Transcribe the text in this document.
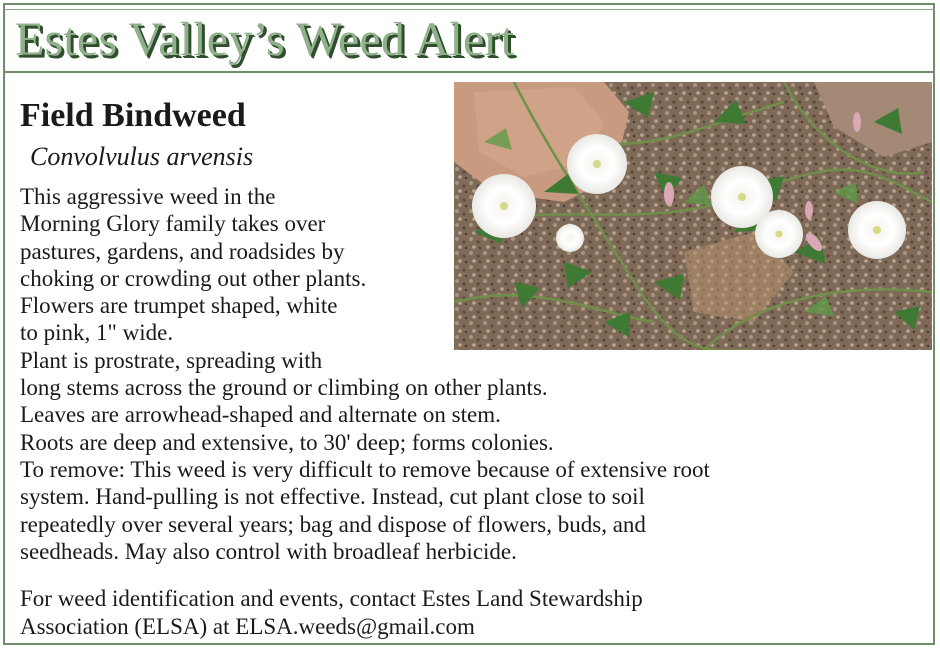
Estes Valley’s Weed Alert
Field Bindweed
Convolvulus arvensis
This aggressive weed in the
Morning Glory family takes over
pastures, gardens, and roadsides by
choking or crowding out other plants.
Flowers are trumpet shaped, white
to pink, 1" wide.
Plant is prostrate, spreading with
long stems across the ground or climbing on other plants.
Leaves are arrowhead-shaped and alternate on stem.
Roots are deep and extensive, to 30' deep; forms colonies.
To remove: This weed is very difficult to remove because of extensive root
system. Hand-pulling is not effective. Instead, cut plant close to soil
repeatedly over several years; bag and dispose of flowers, buds, and
seedheads. May also control with broadleaf herbicide.
For weed identification and events, contact Estes Land Stewardship
Association (ELSA) at ELSA.weeds@gmail.com
